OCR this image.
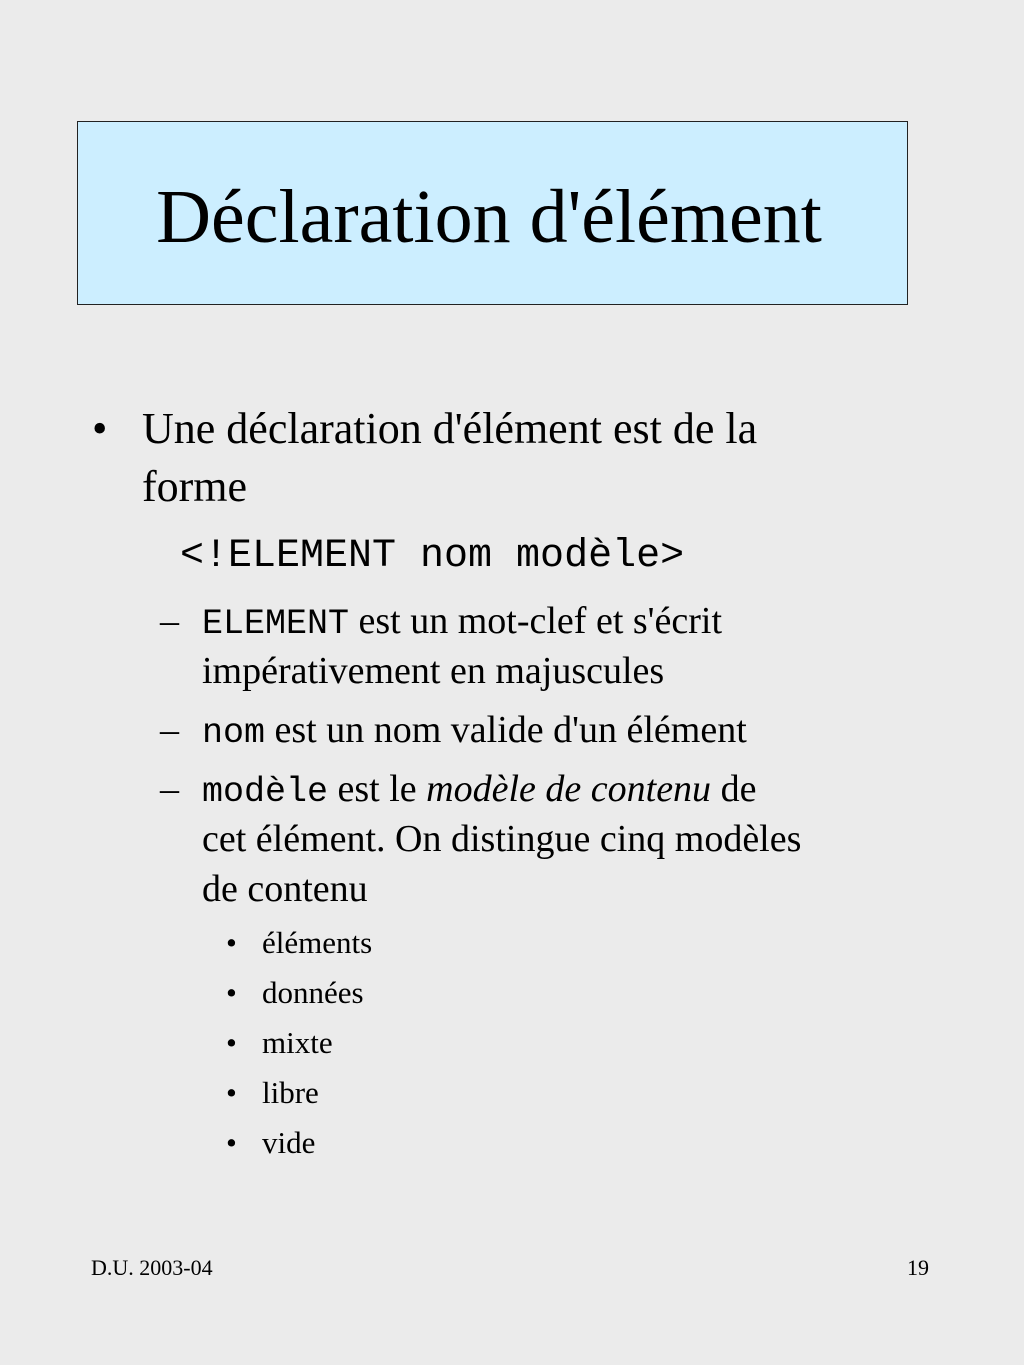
Déclaration d'élément
• Une déclaration d'élément est de la
forme
<!ELEMENT nom modèle>
– ELEMENT est un mot-clef et s'écrit
impérativement en majuscules
– nom est un nom valide d'un élément
– modèle est le modèle de contenu de
cet élément. On distingue cinq modèles
de contenu
• éléments
• données
• mixte
• libre
• vide
D.U. 2003-04	19
